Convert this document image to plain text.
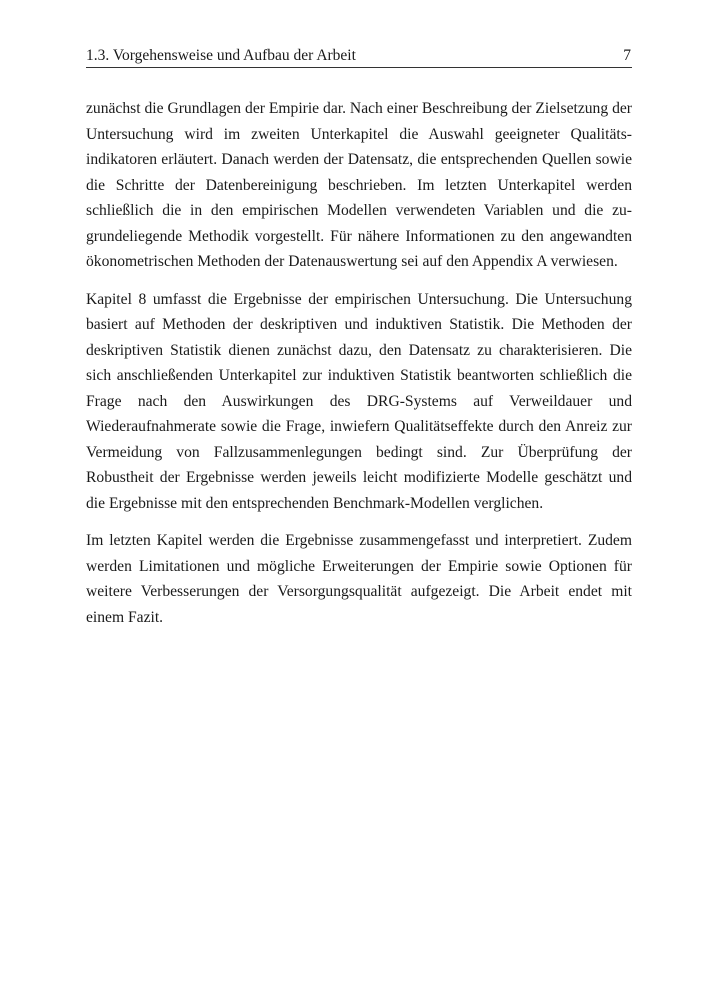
1.3. Vorgehensweise und Aufbau der Arbeit	7

zunächst die Grundlagen der Empirie dar. Nach einer Beschreibung der Zielsetzung der Untersuchung wird im zweiten Unterkapitel die Auswahl geeigneter Qualitätsindikatoren erläutert. Danach werden der Datensatz, die entsprechenden Quellen sowie die Schritte der Datenbereinigung beschrieben. Im letzten Unterkapitel werden schließlich die in den empirischen Modellen verwendeten Variablen und die zugrundeliegende Methodik vorgestellt. Für nähere Informationen zu den angewandten ökonometrischen Methoden der Datenauswertung sei auf den Appendix A verwiesen.

Kapitel 8 umfasst die Ergebnisse der empirischen Untersuchung. Die Untersuchung basiert auf Methoden der deskriptiven und induktiven Statistik. Die Methoden der deskriptiven Statistik dienen zunächst dazu, den Datensatz zu charakterisieren. Die sich anschließenden Unterkapitel zur induktiven Statistik beantworten schließlich die Frage nach den Auswirkungen des DRG-Systems auf Verweildauer und Wiederaufnahmerate sowie die Frage, inwiefern Qualitätseffekte durch den Anreiz zur Vermeidung von Fallzusammenlegungen bedingt sind. Zur Überprüfung der Robustheit der Ergebnisse werden jeweils leicht modifizierte Modelle geschätzt und die Ergebnisse mit den entsprechenden Benchmark-Modellen verglichen.

Im letzten Kapitel werden die Ergebnisse zusammengefasst und interpretiert. Zudem werden Limitationen und mögliche Erweiterungen der Empirie sowie Optionen für weitere Verbesserungen der Versorgungsqualität aufgezeigt. Die Arbeit endet mit einem Fazit.
